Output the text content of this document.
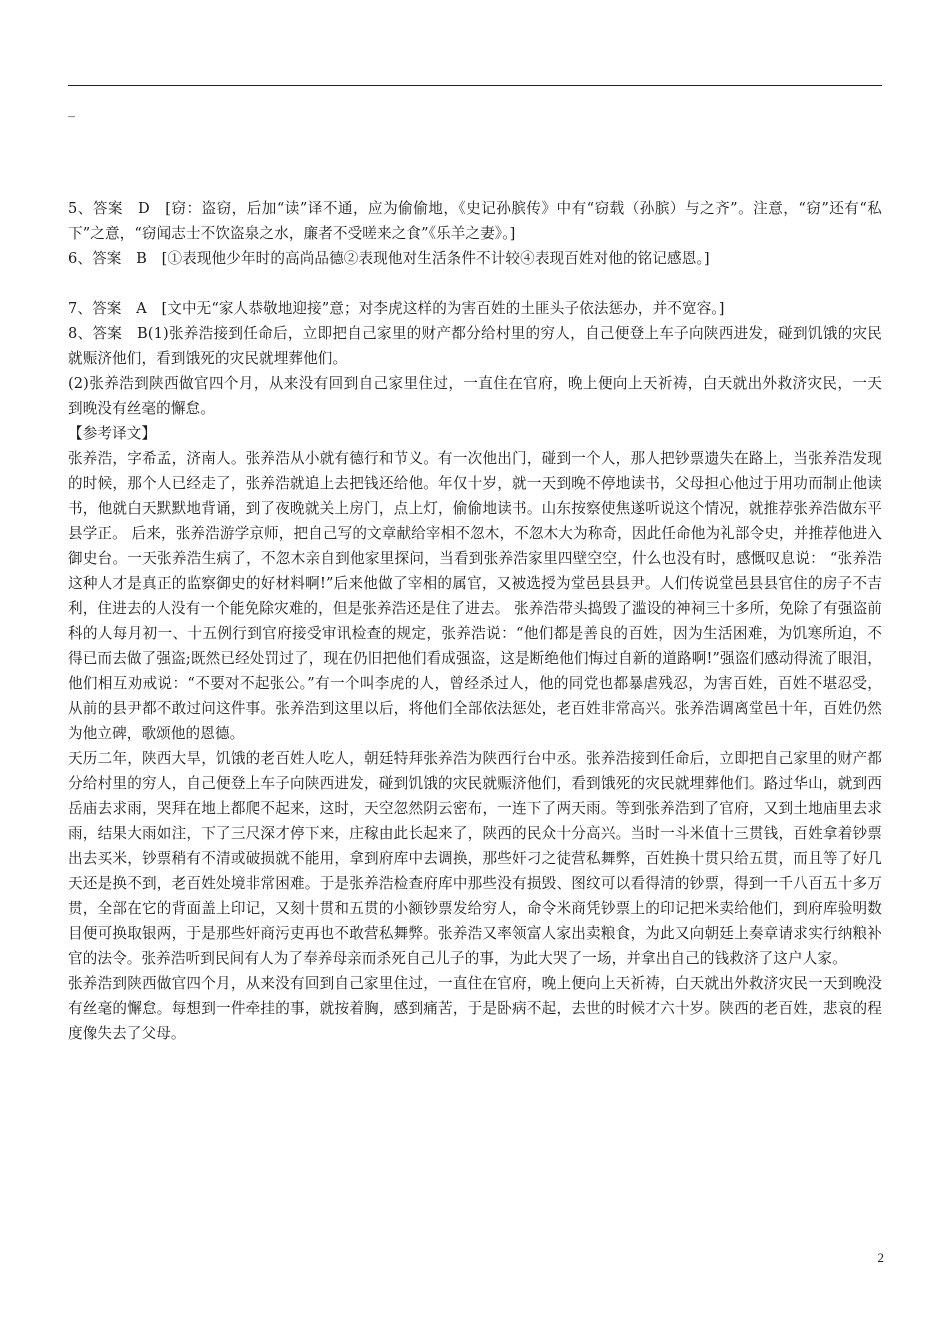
_

5、答案　D　[窃：盗窃，后加“读”译不通，应为偷偷地，《史记孙膑传》中有“窃载（孙膑）与之齐”。注意，“窃”还有“私下”之意，“窃闻志士不饮盗泉之水，廉者不受嗟来之食”《乐羊之妻》。]

6、答案　B　[①表现他少年时的高尚品德②表现他对生活条件不计较④表现百姓对他的铭记感恩。]

7、答案　A　[文中无“家人恭敬地迎接”意；对李虎这样的为害百姓的土匪头子依法惩办，并不宽容。]

8、答案　B(1)张养浩接到任命后，立即把自己家里的财产都分给村里的穷人，自己便登上车子向陕西进发，碰到饥饿的灾民就赈济他们，看到饿死的灾民就埋葬他们。

(2)张养浩到陕西做官四个月，从来没有回到自己家里住过，一直住在官府，晚上便向上天祈祷，白天就出外救济灾民，一天到晚没有丝毫的懈怠。

【参考译文】

张养浩，字希孟，济南人。张养浩从小就有德行和节义。有一次他出门，碰到一个人，那人把钞票遗失在路上，当张养浩发现的时候，那个人已经走了，张养浩就追上去把钱还给他。年仅十岁，就一天到晚不停地读书，父母担心他过于用功而制止他读书，他就白天默默地背诵，到了夜晚就关上房门，点上灯，偷偷地读书。山东按察使焦遂听说这个情况，就推荐张养浩做东平县学正。 后来，张养浩游学京师，把自己写的文章献给宰相不忽木，不忽木大为称奇，因此任命他为礼部令史，并推荐他进入御史台。一天张养浩生病了，不忽木亲自到他家里探问，当看到张养浩家里四壁空空，什么也没有时，感慨叹息说： “张养浩这种人才是真正的监察御史的好材料啊!”后来他做了宰相的属官，又被选授为堂邑县县尹。人们传说堂邑县县官住的房子不吉利，住进去的人没有一个能免除灾难的，但是张养浩还是住了进去。 张养浩带头捣毁了滥设的神祠三十多所，免除了有强盗前科的人每月初一、十五例行到官府接受审讯检查的规定，张养浩说：“他们都是善良的百姓，因为生活困难，为饥寒所迫，不得已而去做了强盗;既然已经处罚过了，现在仍旧把他们看成强盗，这是断绝他们悔过自新的道路啊!”强盗们感动得流了眼泪，他们相互劝戒说：“不要对不起张公。”有一个叫李虎的人，曾经杀过人，他的同党也都暴虐残忍，为害百姓，百姓不堪忍受，从前的县尹都不敢过问这件事。张养浩到这里以后，将他们全部依法惩处，老百姓非常高兴。张养浩调离堂邑十年，百姓仍然为他立碑，歌颂他的恩德。

天历二年，陕西大旱，饥饿的老百姓人吃人，朝廷特拜张养浩为陕西行台中丞。张养浩接到任命后，立即把自己家里的财产都分给村里的穷人，自己便登上车子向陕西进发，碰到饥饿的灾民就赈济他们，看到饿死的灾民就埋葬他们。路过华山，就到西岳庙去求雨，哭拜在地上都爬不起来，这时，天空忽然阴云密布，一连下了两天雨。等到张养浩到了官府，又到土地庙里去求雨，结果大雨如注，下了三尺深才停下来，庄稼由此长起来了，陕西的民众十分高兴。当时一斗米值十三贯钱，百姓拿着钞票出去买米，钞票稍有不清或破损就不能用，拿到府库中去调换，那些奸刁之徒营私舞弊，百姓换十贯只给五贯，而且等了好几天还是换不到，老百姓处境非常困难。于是张养浩检查府库中那些没有损毁、图纹可以看得清的钞票，得到一千八百五十多万贯，全部在它的背面盖上印记，又刻十贯和五贯的小额钞票发给穷人，命令米商凭钞票上的印记把米卖给他们，到府库验明数目便可换取银两，于是那些奸商污吏再也不敢营私舞弊。张养浩又率领富人家出卖粮食，为此又向朝廷上奏章请求实行纳粮补官的法令。张养浩听到民间有人为了奉养母亲而杀死自己儿子的事，为此大哭了一场，并拿出自己的钱救济了这户人家。

张养浩到陕西做官四个月，从来没有回到自己家里住过，一直住在官府，晚上便向上天祈祷，白天就出外救济灾民一天到晚没有丝毫的懈怠。每想到一件牵挂的事，就按着胸，感到痛苦，于是卧病不起，去世的时候才六十岁。陕西的老百姓，悲哀的程度像失去了父母。

2
